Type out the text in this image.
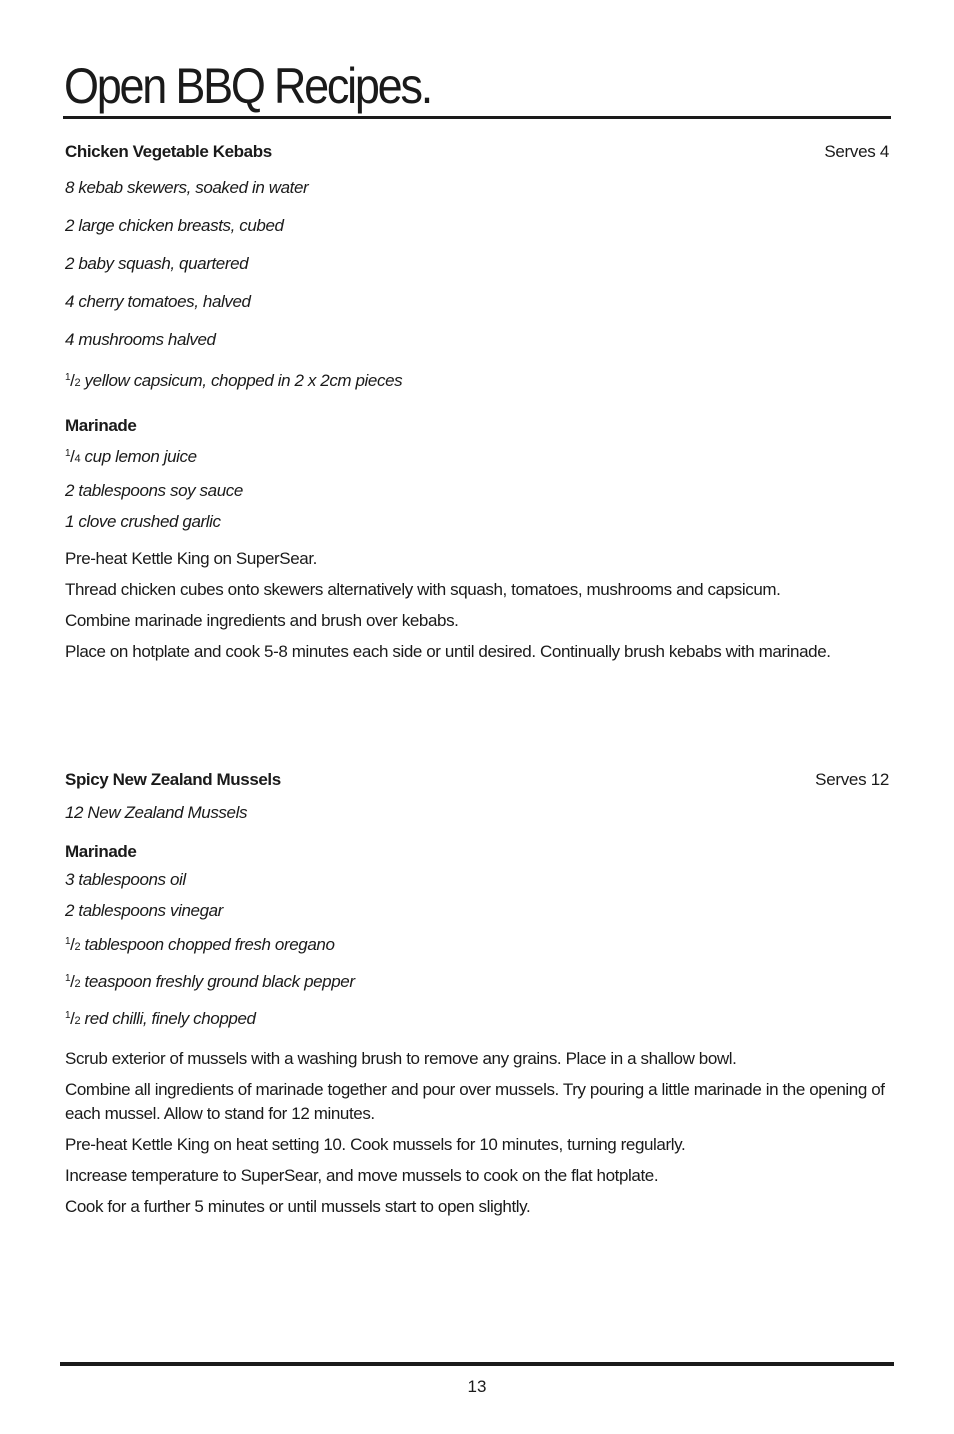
Open BBQ Recipes.
Chicken Vegetable Kebabs	Serves 4
8 kebab skewers, soaked in water
2 large chicken breasts, cubed
2 baby squash, quartered
4 cherry tomatoes, halved
4 mushrooms halved
$^1$/2 yellow capsicum, chopped in 2 x 2cm pieces
Marinade
$^1$/4 cup lemon juice
2 tablespoons soy sauce
1 clove crushed garlic
Pre-heat Kettle King on SuperSear.
Thread chicken cubes onto skewers alternatively with squash, tomatoes, mushrooms and capsicum.
Combine marinade ingredients and brush over kebabs.
Place on hotplate and cook 5-8 minutes each side or until desired. Continually brush kebabs with marinade.
Spicy New Zealand Mussels	Serves 12
12 New Zealand Mussels
Marinade
3 tablespoons oil
2 tablespoons vinegar
$^1$/2 tablespoon chopped fresh oregano
$^1$/2 teaspoon freshly ground black pepper
$^1$/2 red chilli, finely chopped
Scrub exterior of mussels with a washing brush to remove any grains. Place in a shallow bowl.
Combine all ingredients of marinade together and pour over mussels. Try pouring a little marinade in the opening of each mussel. Allow to stand for 12 minutes.
Pre-heat Kettle King on heat setting 10. Cook mussels for 10 minutes, turning regularly.
Increase temperature to SuperSear, and move mussels to cook on the flat hotplate.
Cook for a further 5 minutes or until mussels start to open slightly.
13
